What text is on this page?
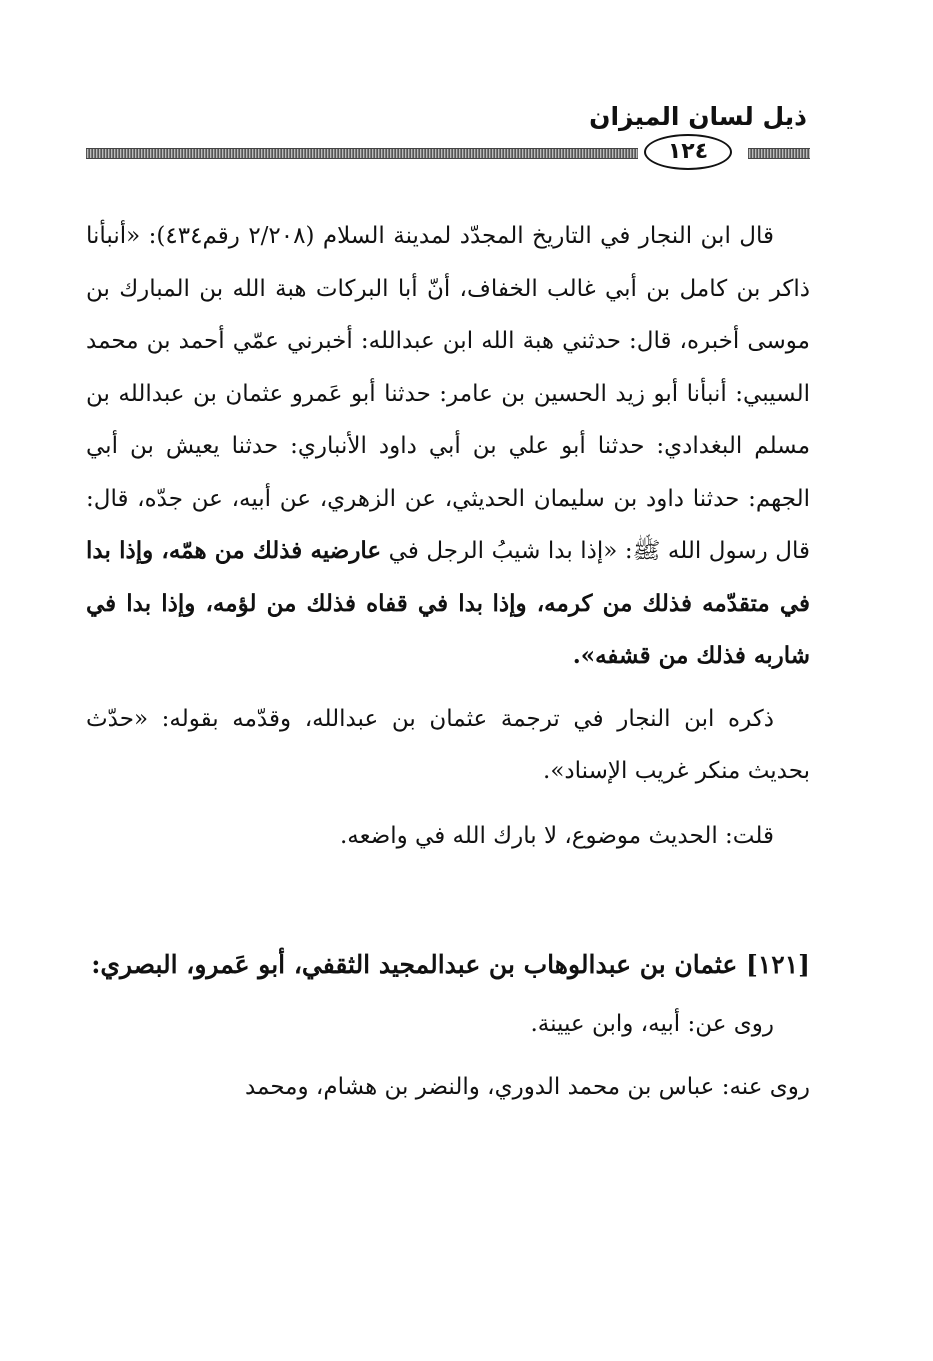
ذيل لسان الميزان
١٢٤

قال ابن النجار في التاريخ المجدّد لمدينة السلام (٢/٢٠٨ رقم٤٣٤): «أنبأنا ذاكر بن كامل بن أبي غالب الخفاف، أنّ أبا البركات هبة الله بن المبارك بن موسى أخبره، قال: حدثني هبة الله ابن عبدالله: أخبرني عمّي أحمد بن محمد السيبي: أنبأنا أبو زيد الحسين بن عامر: حدثنا أبو عَمرو عثمان بن عبدالله بن مسلم البغدادي: حدثنا أبو علي بن أبي داود الأنباري: حدثنا يعيش بن أبي الجهم: حدثنا داود بن سليمان الحديثي، عن الزهري، عن أبيه، عن جدّه، قال: قال رسول الله ﷺ: «إذا بدا شيبُ الرجل في عارضيه فذلك من همّه، وإذا بدا في متقدّمه فذلك من كرمه، وإذا بدا في قفاه فذلك من لؤمه، وإذا بدا في شاربه فذلك من قشفه».

ذكره ابن النجار في ترجمة عثمان بن عبدالله، وقدّمه بقوله: «حدّث بحديث منكر غريب الإسناد».

قلت: الحديث موضوع، لا بارك الله في واضعه.

[١٢١] عثمان بن عبدالوهاب بن عبدالمجيد الثقفي، أبو عَمرو، البصري:

روى عن: أبيه، وابن عيينة.

روى عنه: عباس بن محمد الدوري، والنضر بن هشام، ومحمد
